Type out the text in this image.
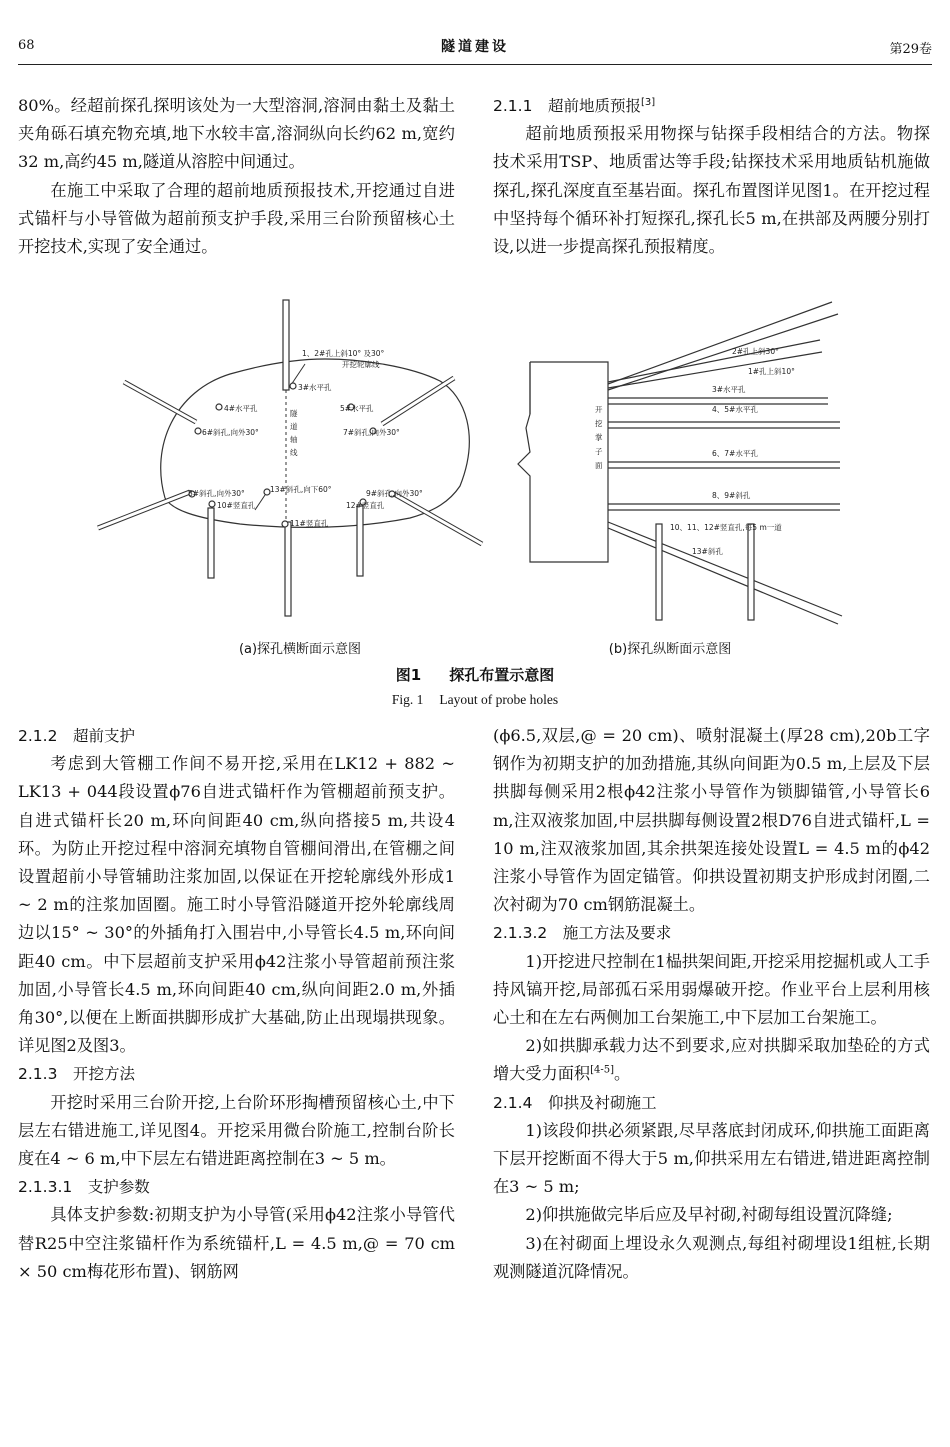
68	隧道建设	第29卷

80%。经超前探孔探明该处为一大型溶洞,溶洞由黏土及黏土夹角砾石填充物充填,地下水较丰富,溶洞纵向长约62 m,宽约32 m,高约45 m,隧道从溶腔中间通过。

在施工中采取了合理的超前地质预报技术,开挖通过自进式锚杆与小导管做为超前预支护手段,采用三台阶预留核心土开挖技术,实现了安全通过。

2.1.1　超前地质预报[3]

超前地质预报采用物探与钻探手段相结合的方法。物探技术采用TSP、地质雷达等手段;钻探技术采用地质钻机施做探孔,探孔深度直至基岩面。探孔布置图详见图1。在开挖过程中坚持每个循环补打短探孔,探孔长5 m,在拱部及两腰分别打设,以进一步提高探孔预报精度。

1、2#孔上斜10° 及30°
开挖轮廓线
3#水平孔
4#水平孔	5#水平孔
6#斜孔,向外30°	7#斜孔,向外30°
8#斜孔,向外30°	9#斜孔,向外30°
10#竖直孔
11#竖直孔
12#竖直孔
13#斜孔,向下60°
隧
道
轴
线
2#孔上斜30°
1#孔上斜10°
3#水平孔
4、5#水平孔
6、7#水平孔
8、9#斜孔
10、11、12#竖直孔,每5 m一道
13#斜孔
开
挖
掌
子
面
(a)探孔横断面示意图	(b)探孔纵断面示意图
图1 探孔布置示意图
Fig. 1 Layout of probe holes

2.1.2　超前支护

考虑到大管棚工作间不易开挖,采用在LK12 + 882 ~ LK13 + 044段设置ϕ76自进式锚杆作为管棚超前预支护。自进式锚杆长20 m,环向间距40 cm,纵向搭接5 m,共设4环。为防止开挖过程中溶洞充填物自管棚间滑出,在管棚之间设置超前小导管辅助注浆加固,以保证在开挖轮廓线外形成1 ~ 2 m的注浆加固圈。施工时小导管沿隧道开挖外轮廓线周边以15° ~ 30°的外插角打入围岩中,小导管长4.5 m,环向间距40 cm。中下层超前支护采用ϕ42注浆小导管超前预注浆加固,小导管长4.5 m,环向间距40 cm,纵向间距2.0 m,外插角30°,以便在上断面拱脚形成扩大基础,防止出现塌拱现象。详见图2及图3。

2.1.3　开挖方法

开挖时采用三台阶开挖,上台阶环形掏槽预留核心土,中下层左右错进施工,详见图4。开挖采用微台阶施工,控制台阶长度在4 ~ 6 m,中下层左右错进距离控制在3 ~ 5 m。

2.1.3.1　支护参数

具体支护参数:初期支护为小导管(采用ϕ42注浆小导管代替R25中空注浆锚杆作为系统锚杆,L = 4.5 m,@ = 70 cm × 50 cm梅花形布置)、钢筋网

(ϕ6.5,双层,@ = 20 cm)、喷射混凝土(厚28 cm),20b工字钢作为初期支护的加劲措施,其纵向间距为0.5 m,上层及下层拱脚每侧采用2根ϕ42注浆小导管作为锁脚锚管,小导管长6 m,注双液浆加固,中层拱脚每侧设置2根D76自进式锚杆,L = 10 m,注双液浆加固,其余拱架连接处设置L = 4.5 m的ϕ42注浆小导管作为固定锚管。仰拱设置初期支护形成封闭圈,二次衬砌为70 cm钢筋混凝土。

2.1.3.2　施工方法及要求

1)开挖进尺控制在1榀拱架间距,开挖采用挖掘机或人工手持风镐开挖,局部孤石采用弱爆破开挖。作业平台上层利用核心土和在左右两侧加工台架施工,中下层加工台架施工。

2)如拱脚承载力达不到要求,应对拱脚采取加垫砼的方式增大受力面积[4-5]。

2.1.4　仰拱及衬砌施工

1)该段仰拱必须紧跟,尽早落底封闭成环,仰拱施工面距离下层开挖断面不得大于5 m,仰拱采用左右错进,错进距离控制在3 ~ 5 m;

2)仰拱施做完毕后应及早衬砌,衬砌每组设置沉降缝;

3)在衬砌面上埋设永久观测点,每组衬砌埋设1组桩,长期观测隧道沉降情况。
